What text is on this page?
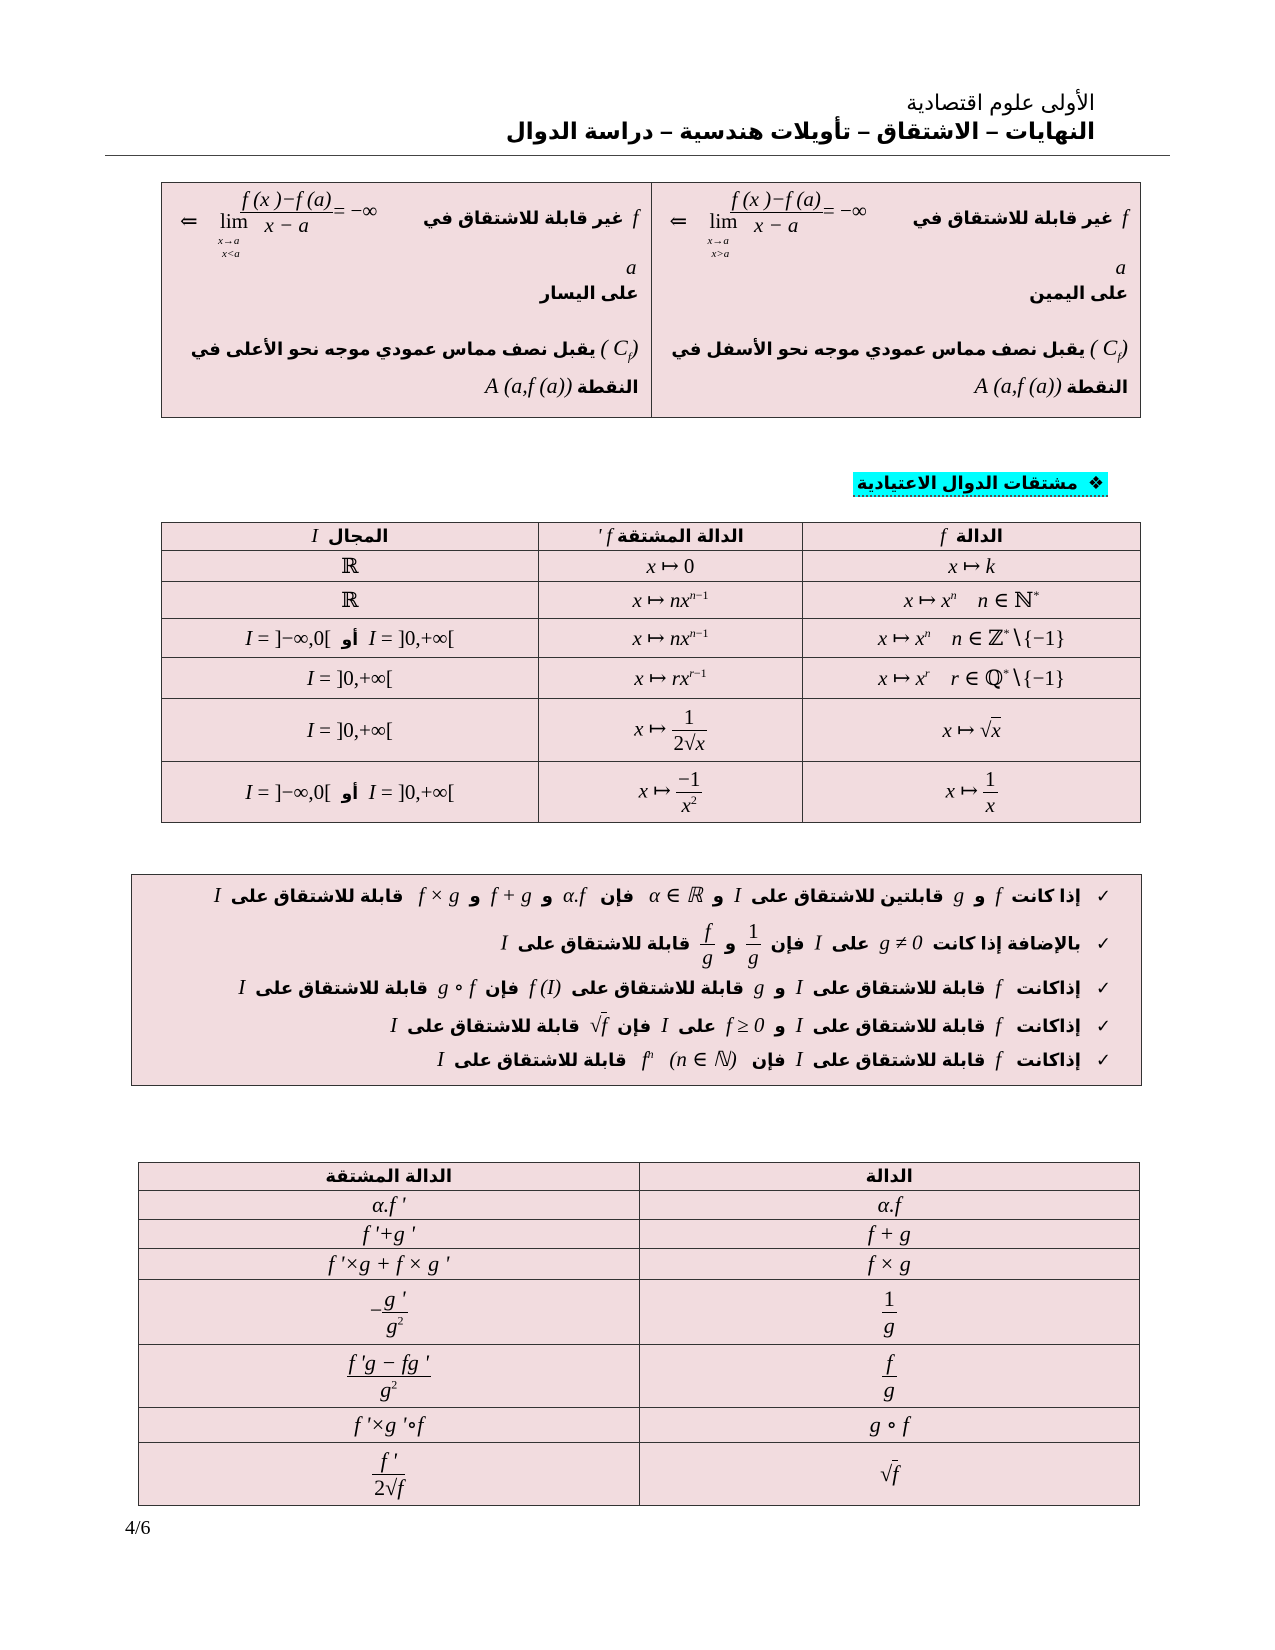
الأولى علوم اقتصادية
النهايات – الاشتقاق – تأويلات هندسية – دراسة الدوال
f  غير قابلة للاشتقاق في
⇐ lim
x→a
x>a
$\frac{f (x )-f (a)}{x - a}$ = −∞
a
على اليمين
($C_f$ ) يقبل نصف مماس عمودي موجه نحو الأسفل في
النقطة A (a,f (a))

f  غير قابلة للاشتقاق في
⇐ lim
x→a
x<a
$\frac{f (x )-f (a)}{x - a}$ = −∞
a
على اليسار
($C_f$ ) يقبل نصف مماس عمودي موجه نحو الأعلى في
النقطة A (a,f (a))
❖  مشتقات الدوال الاعتيادية
الدالة  f	الدالة المشتقة f '	المجال  I
x ↦ k	x ↦ 0	ℝ
x ↦ $x^n$ n ∈ ℕ*	x ↦ $nx^{n-1}$	ℝ
x ↦ $x^n$ n ∈ ℤ*∖{−1}	x ↦ $nx^{n-1}$	I = ]−∞,0[  أو I = ]0,+∞[
x ↦ $x^r$ r ∈ ℚ*∖{−1}	x ↦ $rx^{r-1}$	I = ]0,+∞[
x ↦ √x	x ↦ $\frac{1}{2√x}$	I = ]0,+∞[
x ↦ $\frac{1}{x}$	x ↦ $\frac{-1}{x^2}$	I = ]−∞,0[  أو I = ]0,+∞[
✓   إذا كانت  f  و  g  قابلتين للاشتقاق على  I  و  α ∈ ℝ   فإن   α.f  و  f + g  و  f × g   قابلة للاشتقاق على  I
✓   بالإضافة إذا كانت  g ≠ 0  على  I  فإن
$\frac{1}{g}$
و
$\frac{f}{g}$
قابلة للاشتقاق على  I
✓   إذاكانت   f  قابلة للاشتقاق على  I  و  g  قابلة للاشتقاق على  f (I)  فإن  g ∘ f  قابلة للاشتقاق على  I
✓   إذاكانت   f  قابلة للاشتقاق على  I  و  f ≥ 0  على  I  فإن  √f  قابلة للاشتقاق على  I
✓   إذاكانت   f  قابلة للاشتقاق على  I  فإن   $f^n$   (n ∈ ℕ)   قابلة للاشتقاق على  I
الدالة	الدالة المشتقة
α.f	α.f '
f + g	f '+g '
f × g	f '×g + f × g '

$\frac{1}{g}$	− $\frac{g '}{g^2}$

$\frac{f}{g}$	$\frac{f 'g - fg '}{g^2}$

g ∘ f	f '×g '∘f
√f	$\frac{f '}{2√f}$
4/6
